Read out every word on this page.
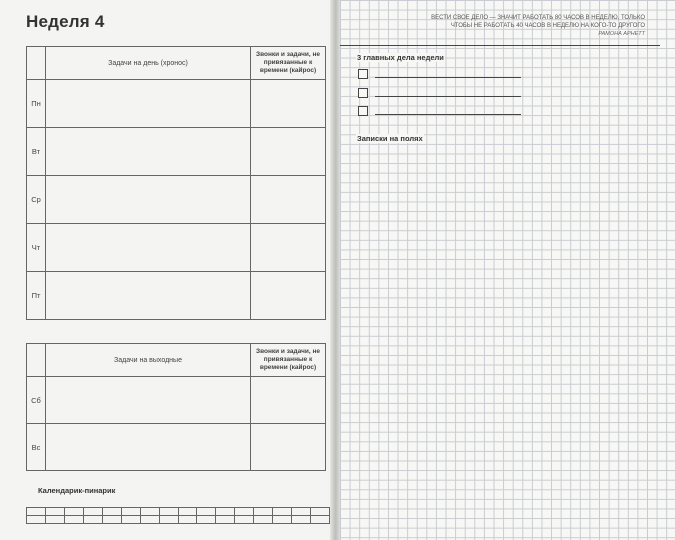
Неделя 4
	Задачи на день (хронос)	Звонки и задачи, не привязанные к времени (кайрос)
Пн		
Вт		
Ср		
Чт		
Пт		
	Задачи на выходные	Звонки и задачи, не привязанные к времени (кайрос)
Сб		
Вс		
Календарик-пинарик

ВЕСТИ СВОЕ ДЕЛО — ЗНАЧИТ РАБОТАТЬ 80 ЧАСОВ В НЕДЕЛЮ, ТОЛЬКО
ЧТОБЫ НЕ РАБОТАТЬ 40 ЧАСОВ В НЕДЕЛЮ НА КОГО-ТО ДРУГОГО
РАМОНА АРНЕТТ
3 главных дела недели
Записки на полях
